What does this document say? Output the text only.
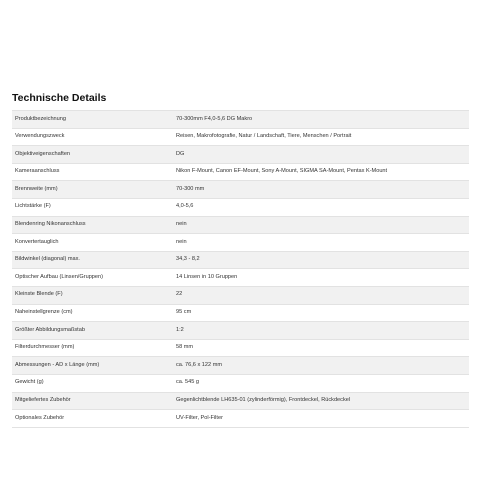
Technische Details
Produktbezeichnung	70-300mm F4,0-5,6 DG Makro
Verwendungszweck	Reisen, Makrofotografie, Natur / Landschaft, Tiere, Menschen / Portrait
Objektiveigenschaften	DG
Kameraanschluss	Nikon F-Mount, Canon EF-Mount, Sony A-Mount, SIGMA SA-Mount, Pentax K-Mount
Brennweite (mm)	70-300 mm
Lichtstärke (F)	4,0-5,6
Blendenring Nikonanschluss	nein
Konvertertauglich	nein
Bildwinkel (diagonal) max.	34,3 - 8,2
Optischer Aufbau (Linsen/Gruppen)	14 Linsen in 10 Gruppen
Kleinste Blende (F)	22
Naheinstellgrenze (cm)	95 cm
Größter Abbildungsmaßstab	1:2
Filterdurchmesser (mm)	58 mm
Abmessungen - AD x Länge (mm)	ca. 76,6 x 122 mm
Gewicht (g)	ca. 545 g
Mitgeliefertes Zubehör	Gegenlichtblende LH635-01 (zylinderförmig), Frontdeckel, Rückdeckel
Optionales Zubehör	UV-Filter, Pol-Filter
